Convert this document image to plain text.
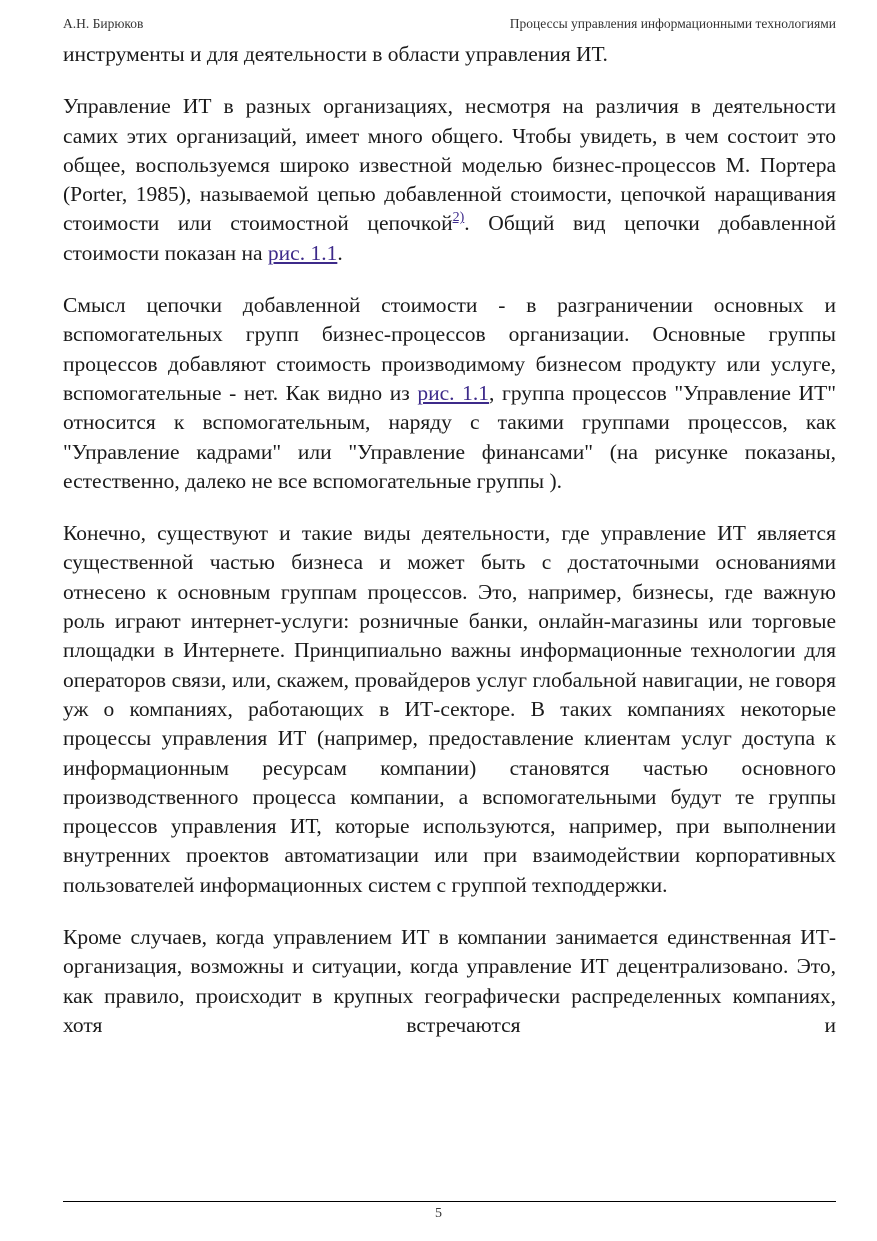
А.Н. Бирюков	Процессы управления информационными технологиями

инструменты и для деятельности в области управления ИТ.

Управление ИТ в разных организациях, несмотря на различия в деятельности самих этих организаций, имеет много общего. Чтобы увидеть, в чем состоит это общее, воспользуемся широко известной моделью бизнес-процессов М. Портера (Porter, 1985), называемой цепью добавленной стоимости, цепочкой наращивания стоимости или стоимостной цепочкой$^{2)}$. Общий вид цепочки добавленной стоимости показан на рис. 1.1.

Смысл цепочки добавленной стоимости - в разграничении основных и вспомогательных групп бизнес-процессов организации. Основные группы процессов добавляют стоимость производимому бизнесом продукту или услуге, вспомогательные - нет. Как видно из рис. 1.1, группа процессов "Управление ИТ" относится к вспомогательным, наряду с такими группами процессов, как "Управление кадрами" или "Управление финансами" (на рисунке показаны, естественно, далеко не все вспомогательные группы ).

Конечно, существуют и такие виды деятельности, где управление ИТ является существенной частью бизнеса и может быть с достаточными основаниями отнесено к основным группам процессов. Это, например, бизнесы, где важную роль играют интернет-услуги: розничные банки, онлайн-магазины или торговые площадки в Интернете. Принципиально важны информационные технологии для операторов связи, или, скажем, провайдеров услуг глобальной навигации, не говоря уж о компаниях, работающих в ИТ-секторе. В таких компаниях некоторые процессы управления ИТ (например, предоставление клиентам услуг доступа к информационным ресурсам компании) становятся частью основного производственного процесса компании, а вспомогательными будут те группы процессов управления ИТ, которые используются, например, при выполнении внутренних проектов автоматизации или при взаимодействии корпоративных пользователей информационных систем с группой техподдержки.

Кроме случаев, когда управлением ИТ в компании занимается единственная ИТ-организация, возможны и ситуации, когда управление ИТ децентрализовано. Это, как правило, происходит в крупных географически распределенных компаниях, хотя встречаются и

5
